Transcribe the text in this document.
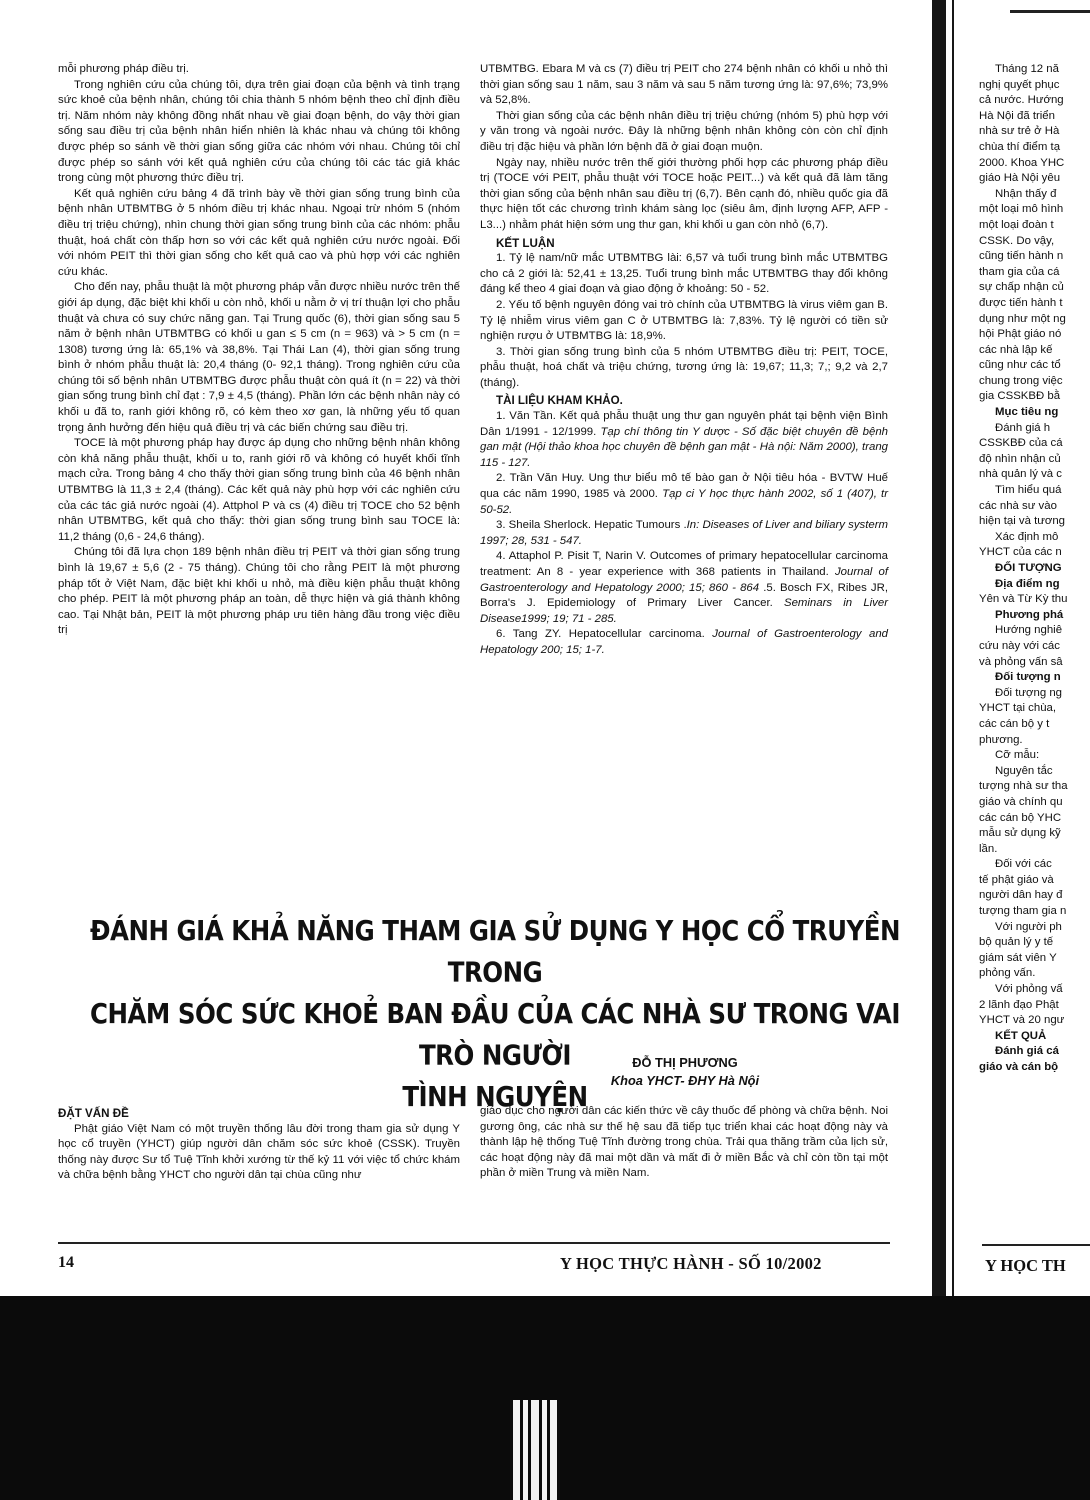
mỗi phương pháp điều trị.

Trong nghiên cứu của chúng tôi, dựa trên giai đoạn của bệnh và tình trạng sức khoẻ của bệnh nhân, chúng tôi chia thành 5 nhóm bệnh theo chỉ định điều trị. Năm nhóm này không đồng nhất nhau về giai đoạn bệnh, do vậy thời gian sống sau điều trị của bệnh nhân hiển nhiên là khác nhau và chúng tôi không được phép so sánh về thời gian sống giữa các nhóm với nhau. Chúng tôi chỉ được phép so sánh với kết quả nghiên cứu của chúng tôi các tác giả khác trong cùng một phương thức điều trị.

Kết quả nghiên cứu bảng 4 đã trình bày về thời gian sống trung bình của bệnh nhân UTBMTBG ở 5 nhóm điều trị khác nhau. Ngoại trừ nhóm 5 (nhóm điều trị triệu chứng), nhìn chung thời gian sống trung bình của các nhóm: phẫu thuật, hoá chất còn thấp hơn so với các kết quả nghiên cứu nước ngoài. Đối với nhóm PEIT thì thời gian sống cho kết quả cao và phù hợp với các nghiên cứu khác.

Cho đến nay, phẫu thuật là một phương pháp vẫn được nhiều nước trên thế giới áp dụng, đặc biệt khi khối u còn nhỏ, khối u nằm ở vị trí thuận lợi cho phẫu thuật và chưa có suy chức năng gan. Tại Trung quốc (6), thời gian sống sau 5 năm ở bệnh nhân UTBMTBG có khối u gan ≤ 5 cm (n = 963) và > 5 cm (n = 1308) tương ứng là: 65,1% và 38,8%. Tại Thái Lan (4), thời gian sống trung bình ở nhóm phẫu thuật là: 20,4 tháng (0- 92,1 tháng). Trong nghiên cứu của chúng tôi số bệnh nhân UTBMTBG được phẫu thuật còn quá ít (n = 22) và thời gian sống trung bình chỉ đạt : 7,9 ± 4,5 (tháng). Phần lớn các bệnh nhân này có khối u đã to, ranh giới không rõ, có kèm theo xơ gan, là những yếu tố quan trọng ảnh hưởng đến hiệu quả điều trị và các biến chứng sau điều trị.

TOCE là một phương pháp hay được áp dụng cho những bệnh nhân không còn khả năng phẫu thuật, khối u to, ranh giới rõ và không có huyết khối tĩnh mạch cửa. Trong bảng 4 cho thấy thời gian sống trung bình của 46 bệnh nhân UTBMTBG là 11,3 ± 2,4 (tháng). Các kết quả này phù hợp với các nghiên cứu của các tác giả nước ngoài (4). Attphol P và cs (4) điều trị TOCE cho 52 bệnh nhân UTBMTBG, kết quả cho thấy: thời gian sống trung bình sau TOCE là: 11,2 tháng (0,6 - 24,6 tháng).

Chúng tôi đã lựa chọn 189 bệnh nhân điều trị PEIT và thời gian sống trung bình là 19,67 ± 5,6 (2 - 75 tháng). Chúng tôi cho rằng PEIT là một phương pháp tốt ở Việt Nam, đặc biệt khi khối u nhỏ, mà điều kiện phẫu thuật không cho phép. PEIT là một phương pháp an toàn, dễ thực hiện và giá thành không cao. Tại Nhật bản, PEIT là một phương pháp ưu tiên hàng đầu trong việc điều trị

UTBMTBG. Ebara M và cs (7) điều trị PEIT cho 274 bệnh nhân có khối u nhỏ thì thời gian sống sau 1 năm, sau 3 năm và sau 5 năm tương ứng là: 97,6%; 73,9% và 52,8%.

Thời gian sống của các bệnh nhân điều trị triệu chứng (nhóm 5) phù hợp với y văn trong và ngoài nước. Đây là những bệnh nhân không còn còn chỉ định điều trị đặc hiệu và phần lớn bệnh đã ở giai đoạn muộn.

Ngày nay, nhiều nước trên thế giới thường phối hợp các phương pháp điều trị (TOCE với PEIT, phẫu thuật với TOCE hoặc PEIT...) và kết quả đã làm tăng thời gian sống của bệnh nhân sau điều trị (6,7). Bên cạnh đó, nhiều quốc gia đã thực hiện tốt các chương trình khám sàng lọc (siêu âm, định lượng AFP, AFP - L3...) nhằm phát hiện sớm ung thư gan, khi khối u gan còn nhỏ (6,7).

KẾT LUẬN

1. Tỷ lệ nam/nữ mắc UTBMTBG lài: 6,57 và tuổi trung bình mắc UTBMTBG cho cả 2 giới là: 52,41 ± 13,25. Tuổi trung bình mắc UTBMTBG thay đổi không đáng kể theo 4 giai đoạn và giao động ở khoảng: 50 - 52.

2. Yếu tố bệnh nguyên đóng vai trò chính của UTBMTBG là virus viêm gan B. Tỷ lệ nhiễm virus viêm gan C ở UTBMTBG là: 7,83%. Tỷ lệ người có tiền sử nghiện rượu ở UTBMTBG là: 18,9%.

3. Thời gian sống trung bình của 5 nhóm UTBMTBG điều trị: PEIT, TOCE, phẫu thuật, hoá chất và triệu chứng, tương ứng là: 19,67; 11,3; 7,; 9,2 và 2,7 (tháng).

TÀI LIỆU KHAM KHẢO.

1. Văn Tần. Kết quả phẫu thuật ung thư gan nguyên phát tại bệnh viện Bình Dân 1/1991 - 12/1999. Tạp chí thông tin Y dược - Số đặc biệt chuyên đề bệnh gan mật (Hội thảo khoa học chuyên đề bệnh gan mật - Hà nội: Năm 2000), trang 115 - 127.

2. Trần Văn Huy. Ung thư biểu mô tế bào gan ở Nội tiêu hóa - BVTW Huế qua các năm 1990, 1985 và 2000. Tạp ci Y học thực hành 2002, số 1 (407), tr 50-52.

3. Sheila Sherlock. Hepatic Tumours .In: Diseases of Liver and biliary systerm 1997; 28, 531 - 547.

4. Attaphol P. Pisit T, Narin V. Outcomes of primary hepatocellular carcinoma treatment: An 8 - year experience with 368 patients in Thailand. Journal of Gastroenterology and Hepatology 2000; 15; 860 - 864 .5. Bosch FX, Ribes JR, Borra's J. Epidemiology of Primary Liver Cancer. Seminars in Liver Disease1999; 19; 71 - 285.

6. Tang ZY. Hepatocellular carcinoma. Journal of Gastroenterology and Hepatology 200; 15; 1-7.

ĐÁNH GIÁ KHẢ NĂNG THAM GIA SỬ DỤNG Y HỌC CỔ TRUYỀN TRONG
CHĂM SÓC SỨC KHOẺ BAN ĐẦU CỦA CÁC NHÀ SƯ TRONG VAI TRÒ NGƯỜI
TÌNH NGUYỆN
ĐỖ THỊ PHƯƠNG
Khoa YHCT- ĐHY Hà Nội
ĐẶT VẤN ĐỀ

Phật giáo Việt Nam có một truyền thống lâu đời trong tham gia sử dụng Y học cổ truyền (YHCT) giúp người dân chăm sóc sức khoẻ (CSSK). Truyền thống này được Sư tổ Tuệ Tĩnh khởi xướng từ thế kỷ 11 với việc tổ chức khám và chữa bệnh bằng YHCT cho người dân tại chùa cũng như

giáo dục cho người dân các kiến thức về cây thuốc để phòng và chữa bệnh. Noi gương ông, các nhà sư thế hệ sau đã tiếp tục triển khai các hoạt động này và thành lập hệ thống Tuệ Tĩnh đường trong chùa. Trải qua thăng trầm của lịch sử, các hoạt động này đã mai một dần và mất đi ở miền Bắc và chỉ còn tồn tại một phần ở miền Trung và miền Nam.

14	Y HỌC THỰC HÀNH - SỐ 10/2002

Tháng 12 nă

nghị quyết phục

cả nước. Hướng

Hà Nội đã triển

nhà sư trẻ ở Hà

chùa thí điểm tạ

2000. Khoa YHC

giáo Hà Nội yêu

Nhận thấy đ

một loại mô hình

một loại đoàn t

CSSK. Do vậy,

cũng tiến hành n

tham gia của cá

sự chấp nhận củ

được tiến hành t

dụng như một ng

hội Phật giáo nó

các nhà lập kế

cũng như các tổ

chung trong việc

gia CSSKBĐ bằ

Mục tiêu ng

Đánh giá h

CSSKBĐ của cá

độ nhìn nhận củ

nhà quản lý và c

Tìm hiểu quá

các nhà sư vào

hiện tại và tương

Xác định mô

YHCT của các n

ĐỐI TƯỢNG

Địa điểm ng

Yên và Từ Kỳ thu

Phương phá

Hướng nghiê

cứu này với các

và phỏng vấn sâ

Đối tượng n

Đối tượng ng

YHCT tại chùa,

các cán bộ y t

phương.

Cỡ mẫu:

Nguyên tắc

tượng nhà sư tha

giáo và chính qu

các cán bộ YHC

mẫu sử dụng kỹ

lần.

Đối với các

tế phật giáo và

người dân hay đ

tượng tham gia n

Với người ph

bộ quản lý y tế

giám sát viên Y

phỏng vấn.

Với phỏng vấ

2 lãnh đạo Phật

YHCT và 20 ngư

KẾT QUẢ

Đánh giá cá

giáo và cán bộ

Y HỌC TH
